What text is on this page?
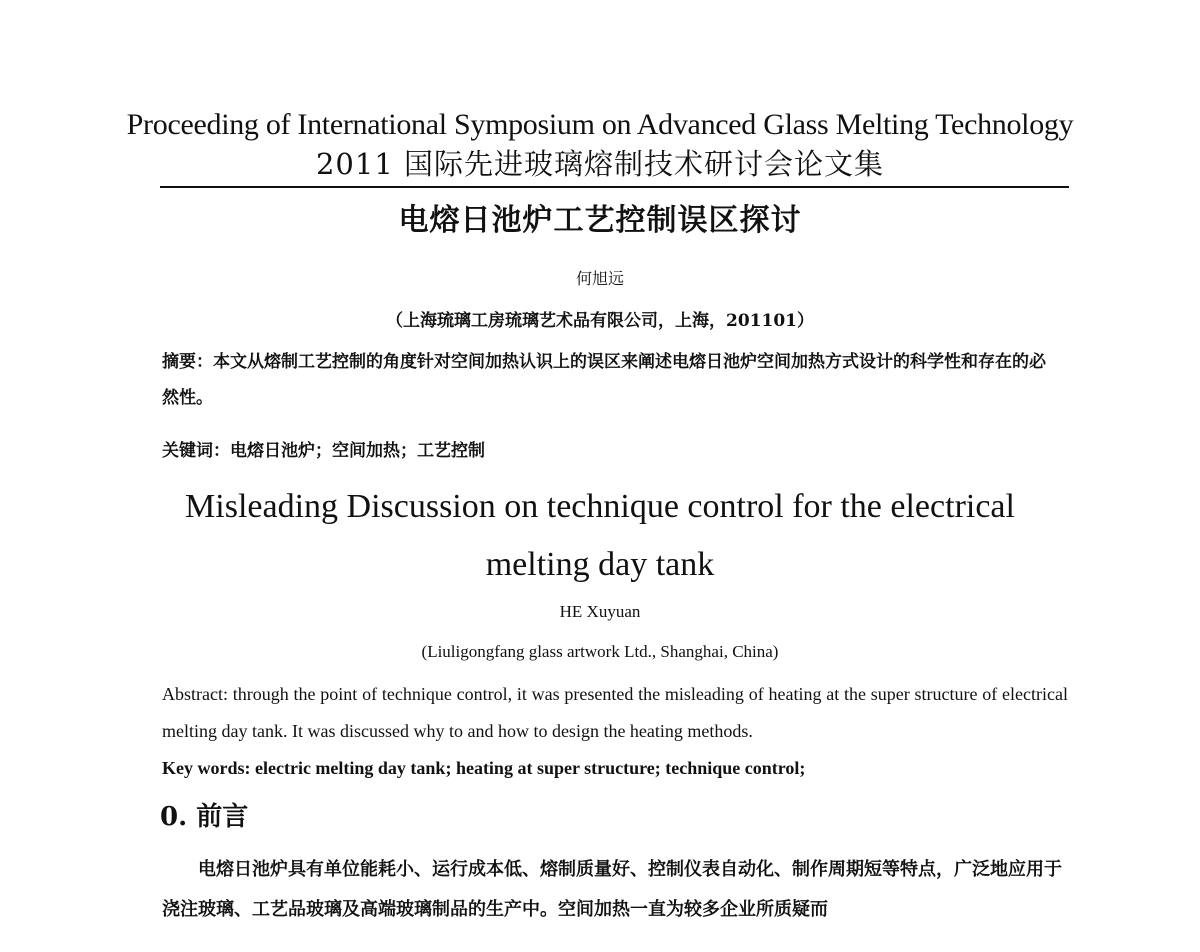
Proceeding of International Symposium on Advanced Glass Melting Technology
2011 国际先进玻璃熔制技术研讨会论文集
电熔日池炉工艺控制误区探讨
何旭远
（上海琉璃工房琉璃艺术品有限公司，上海，201101）
摘要：本文从熔制工艺控制的角度针对空间加热认识上的误区来阐述电熔日池炉空间加热方式设计的科学性和存在的必然性。
关键词：电熔日池炉；空间加热；工艺控制
Misleading Discussion on technique control for the electrical melting day tank
HE Xuyuan
(Liuligongfang glass artwork Ltd., Shanghai, China)
Abstract: through the point of technique control, it was presented the misleading of heating at the super structure of electrical melting day tank. It was discussed why to and how to design the heating methods.
Key words: electric melting day tank; heating at super structure; technique control;
0. 前言
电熔日池炉具有单位能耗小、运行成本低、熔制质量好、控制仪表自动化、制作周期短等特点，广泛地应用于浇注玻璃、工艺品玻璃及高端玻璃制品的生产中。空间加热一直为较多企业所质疑而
